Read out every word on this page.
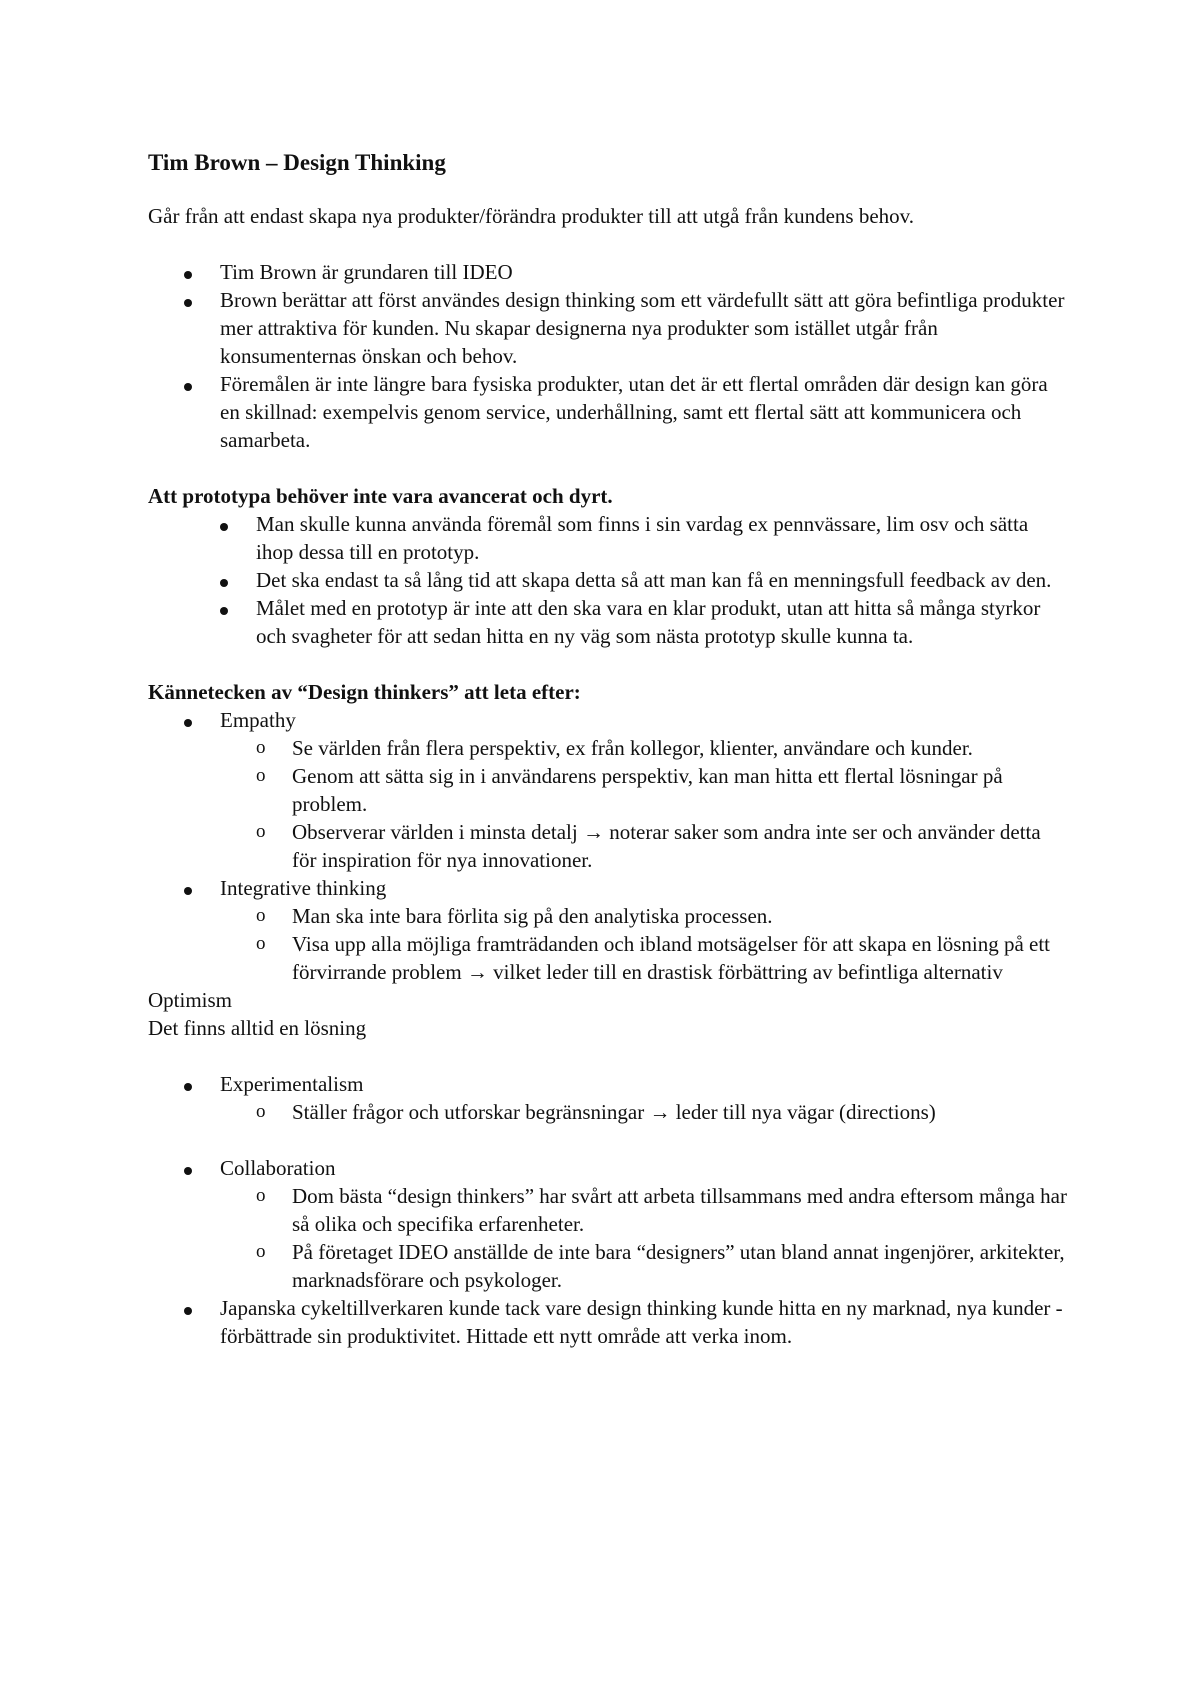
Tim Brown – Design Thinking

Går från att endast skapa nya produkter/förändra produkter till att utgå från kundens behov.

Tim Brown är grundaren till IDEO
Brown berättar att först användes design thinking som ett värdefullt sätt att göra befintliga produkter mer attraktiva för kunden. Nu skapar designerna nya produkter som istället utgår från konsumenternas önskan och behov.
Föremålen är inte längre bara fysiska produkter, utan det är ett flertal områden där design kan göra en skillnad: exempelvis genom service, underhållning, samt ett flertal sätt att kommunicera och samarbeta.

Att prototypa behöver inte vara avancerat och dyrt.

Man skulle kunna använda föremål som finns i sin vardag ex pennvässare, lim osv och sätta ihop dessa till en prototyp.
Det ska endast ta så lång tid att skapa detta så att man kan få en menningsfull feedback av den.
Målet med en prototyp är inte att den ska vara en klar produkt, utan att hitta så många styrkor och svagheter för att sedan hitta en ny väg som nästa prototyp skulle kunna ta.

Kännetecken av “Design thinkers” att leta efter:

Empathy
o	Se världen från flera perspektiv, ex från kollegor, klienter, användare och kunder.
o	Genom att sätta sig in i användarens perspektiv, kan man hitta ett flertal lösningar på problem.
o	Observerar världen i minsta detalj → noterar saker som andra inte ser och använder detta för inspiration för nya innovationer.
Integrative thinking
o	Man ska inte bara förlita sig på den analytiska processen.
o	Visa upp alla möjliga framträdanden och ibland motsägelser för att skapa en lösning på ett förvirrande problem → vilket leder till en drastisk förbättring av befintliga alternativ

Optimism

Det finns alltid en lösning

Experimentalism
o	Ställer frågor och utforskar begränsningar → leder till nya vägar (directions)
Collaboration
o	Dom bästa “design thinkers” har svårt att arbeta tillsammans med andra eftersom många har så olika och specifika erfarenheter.
o	På företaget IDEO anställde de inte bara “designers” utan bland annat ingenjörer, arkitekter, marknadsförare och psykologer.
Japanska cykeltillverkaren kunde tack vare design thinking kunde hitta en ny marknad, nya kunder - förbättrade sin produktivitet. Hittade ett nytt område att verka inom.
